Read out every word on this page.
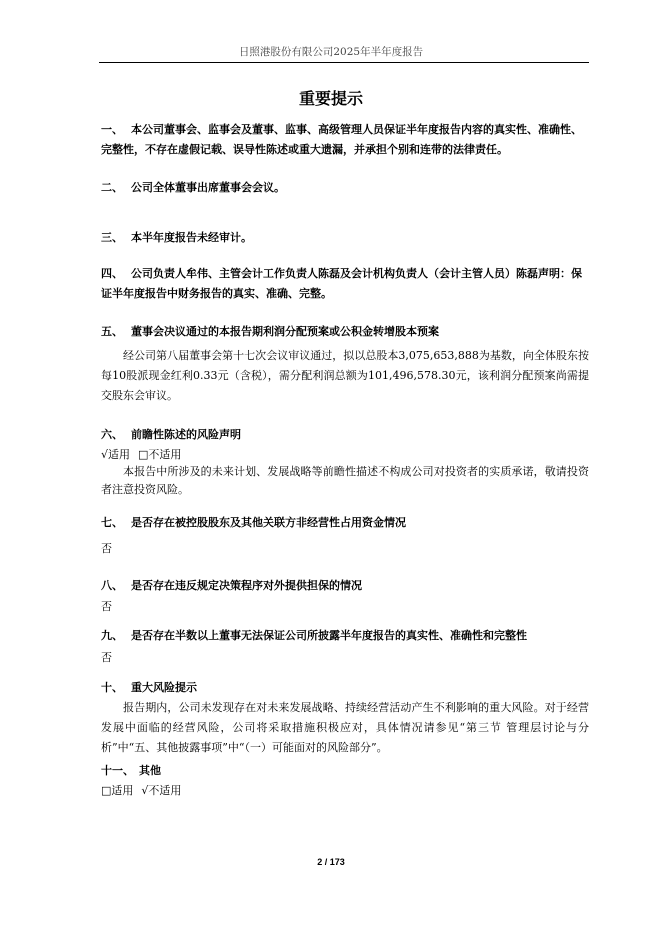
日照港股份有限公司2025年半年度报告
重要提示
一、 本公司董事会、监事会及董事、监事、高级管理人员保证半年度报告内容的真实性、准确性、完整性，不存在虚假记载、误导性陈述或重大遗漏，并承担个别和连带的法律责任。
二、 公司全体董事出席董事会会议。
三、 本半年度报告未经审计。
四、 公司负责人牟伟、主管会计工作负责人陈磊及会计机构负责人（会计主管人员）陈磊声明：保证半年度报告中财务报告的真实、准确、完整。
五、 董事会决议通过的本报告期利润分配预案或公积金转增股本预案
经公司第八届董事会第十七次会议审议通过，拟以总股本3,075,653,888为基数，向全体股东按每10股派现金红利0.33元（含税），需分配利润总额为101,496,578.30元，该利润分配预案尚需提交股东会审议。
六、 前瞻性陈述的风险声明
√适用 □不适用
本报告中所涉及的未来计划、发展战略等前瞻性描述不构成公司对投资者的实质承诺，敬请投资者注意投资风险。
七、 是否存在被控股股东及其他关联方非经营性占用资金情况
否
八、 是否存在违反规定决策程序对外提供担保的情况
否
九、 是否存在半数以上董事无法保证公司所披露半年度报告的真实性、准确性和完整性
否
十、 重大风险提示
报告期内，公司未发现存在对未来发展战略、持续经营活动产生不利影响的重大风险。对于经营发展中面临的经营风险，公司将采取措施积极应对，具体情况请参见“第三节 管理层讨论与分析”中“五、其他披露事项”中“（一）可能面对的风险部分”。
十一、 其他
□适用 √不适用
2 / 173
